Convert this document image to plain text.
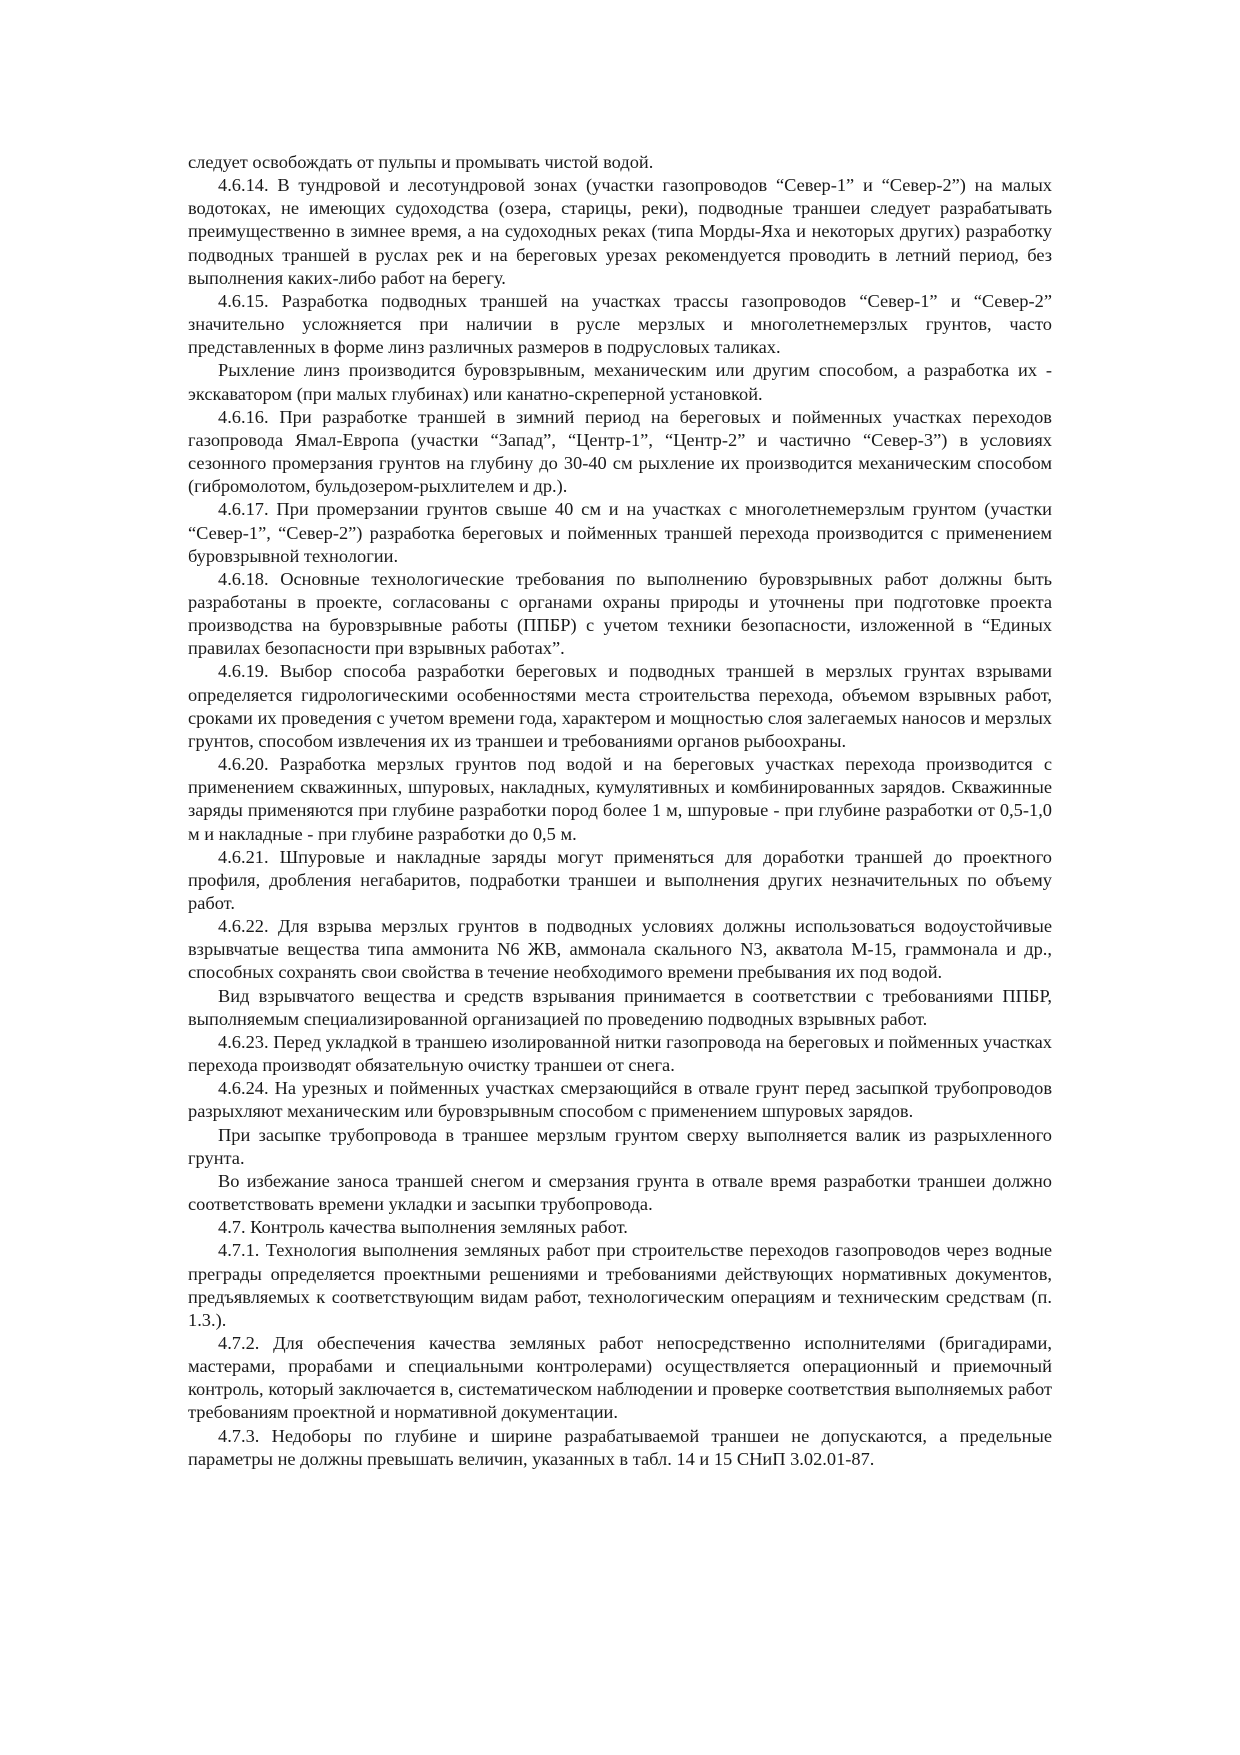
следует освобождать от пульпы и промывать чистой водой.

4.6.14. В тундровой и лесотундровой зонах (участки газопроводов “Север-1” и “Север-2”) на малых водотоках, не имеющих судоходства (озера, старицы, реки), подводные траншеи следует разрабатывать преимущественно в зимнее время, а на судоходных реках (типа Морды-Яха и некоторых других) разработку подводных траншей в руслах рек и на береговых урезах рекомендуется проводить в летний период, без выполнения каких-либо работ на берегу.

4.6.15. Разработка подводных траншей на участках трассы газопроводов “Север-1” и “Север-2” значительно усложняется при наличии в русле мерзлых и многолетнемерзлых грунтов, часто представленных в форме линз различных размеров в подрусловых таликах.

Рыхление линз производится буровзрывным, механическим или другим способом, а разработка их - экскаватором (при малых глубинах) или канатно-скреперной установкой.

4.6.16. При разработке траншей в зимний период на береговых и пойменных участках переходов газопровода Ямал-Европа (участки “Запад”, “Центр-1”, “Центр-2” и частично “Север-3”) в условиях сезонного промерзания грунтов на глубину до 30-40 см рыхление их производится механическим способом (гибромолотом, бульдозером-рыхлителем и др.).

4.6.17. При промерзании грунтов свыше 40 см и на участках с многолетнемерзлым грунтом (участки “Север-1”, “Север-2”) разработка береговых и пойменных траншей перехода производится с применением буровзрывной технологии.

4.6.18. Основные технологические требования по выполнению буровзрывных работ должны быть разработаны в проекте, согласованы с органами охраны природы и уточнены при подготовке проекта производства на буровзрывные работы (ППБР) с учетом техники безопасности, изложенной в “Единых правилах безопасности при взрывных работах”.

4.6.19. Выбор способа разработки береговых и подводных траншей в мерзлых грунтах взрывами определяется гидрологическими особенностями места строительства перехода, объемом взрывных работ, сроками их проведения с учетом времени года, характером и мощностью слоя залегаемых наносов и мерзлых грунтов, способом извлечения их из траншеи и требованиями органов рыбоохраны.

4.6.20. Разработка мерзлых грунтов под водой и на береговых участках перехода производится с применением скважинных, шпуровых, накладных, кумулятивных и комбинированных зарядов. Скважинные заряды применяются при глубине разработки пород более 1 м, шпуровые - при глубине разработки от 0,5-1,0 м и накладные - при глубине разработки до 0,5 м.

4.6.21. Шпуровые и накладные заряды могут применяться для доработки траншей до проектного профиля, дробления негабаритов, подработки траншеи и выполнения других незначительных по объему работ.

4.6.22. Для взрыва мерзлых грунтов в подводных условиях должны использоваться водоустойчивые взрывчатые вещества типа аммонита N6 ЖВ, аммонала скального N3, акватола М-15, граммонала и др., способных сохранять свои свойства в течение необходимого времени пребывания их под водой.

Вид взрывчатого вещества и средств взрывания принимается в соответствии с требованиями ППБР, выполняемым специализированной организацией по проведению подводных взрывных работ.

4.6.23. Перед укладкой в траншею изолированной нитки газопровода на береговых и пойменных участках перехода производят обязательную очистку траншеи от снега.

4.6.24. На урезных и пойменных участках смерзающийся в отвале грунт перед засыпкой трубопроводов разрыхляют механическим или буровзрывным способом с применением шпуровых зарядов.

При засыпке трубопровода в траншее мерзлым грунтом сверху выполняется валик из разрыхленного грунта.

Во избежание заноса траншей снегом и смерзания грунта в отвале время разработки траншеи должно соответствовать времени укладки и засыпки трубопровода.

4.7. Контроль качества выполнения земляных работ.

4.7.1. Технология выполнения земляных работ при строительстве переходов газопроводов через водные преграды определяется проектными решениями и требованиями действующих нормативных документов, предъявляемых к соответствующим видам работ, технологическим операциям и техническим средствам (п. 1.3.).

4.7.2. Для обеспечения качества земляных работ непосредственно исполнителями (бригадирами, мастерами, прорабами и специальными контролерами) осуществляется операционный и приемочный контроль, который заключается в, систематическом наблюдении и проверке соответствия выполняемых работ требованиям проектной и нормативной документации.

4.7.3. Недоборы по глубине и ширине разрабатываемой траншеи не допускаются, а предельные параметры не должны превышать величин, указанных в табл. 14 и 15 СНиП 3.02.01-87.
